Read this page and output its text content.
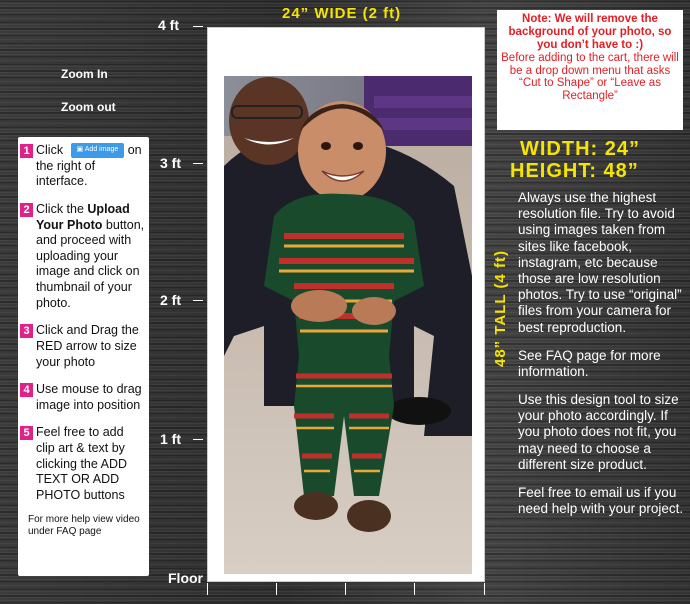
24” WIDE (2 ft)
4 ft
3 ft
2 ft
1 ft
Floor
Zoom In
Zoom out
1 Click ▣ Add image on the right of interface.
2 Click the Upload Your Photo button, and proceed with uploading your image and click on thumbnail of your photo.
3 Click and Drag the RED arrow to size your photo
4 Use mouse to drag image into position
5 Feel free to add clip art & text by clicking the ADD TEXT OR ADD PHOTO buttons
For more help view video under FAQ page
Note: We will remove the background of your photo, so you don’t have to :)
Before adding to the cart, there will be a drop down menu that asks “Cut to Shape” or “Leave as Rectangle”
WIDTH: 24”
HEIGHT: 48”
48” TALL (4 ft)

Always use the highest resolution file. Try to avoid using images taken from sites like facebook, instagram, etc because those are low resolution photos. Try to use “original” files from your camera for best reproduction.

See FAQ page for more information.

Use this design tool to size your photo accordingly. If you photo does not fit, you may need to choose a different size product.

Feel free to email us if you need help with your project.
